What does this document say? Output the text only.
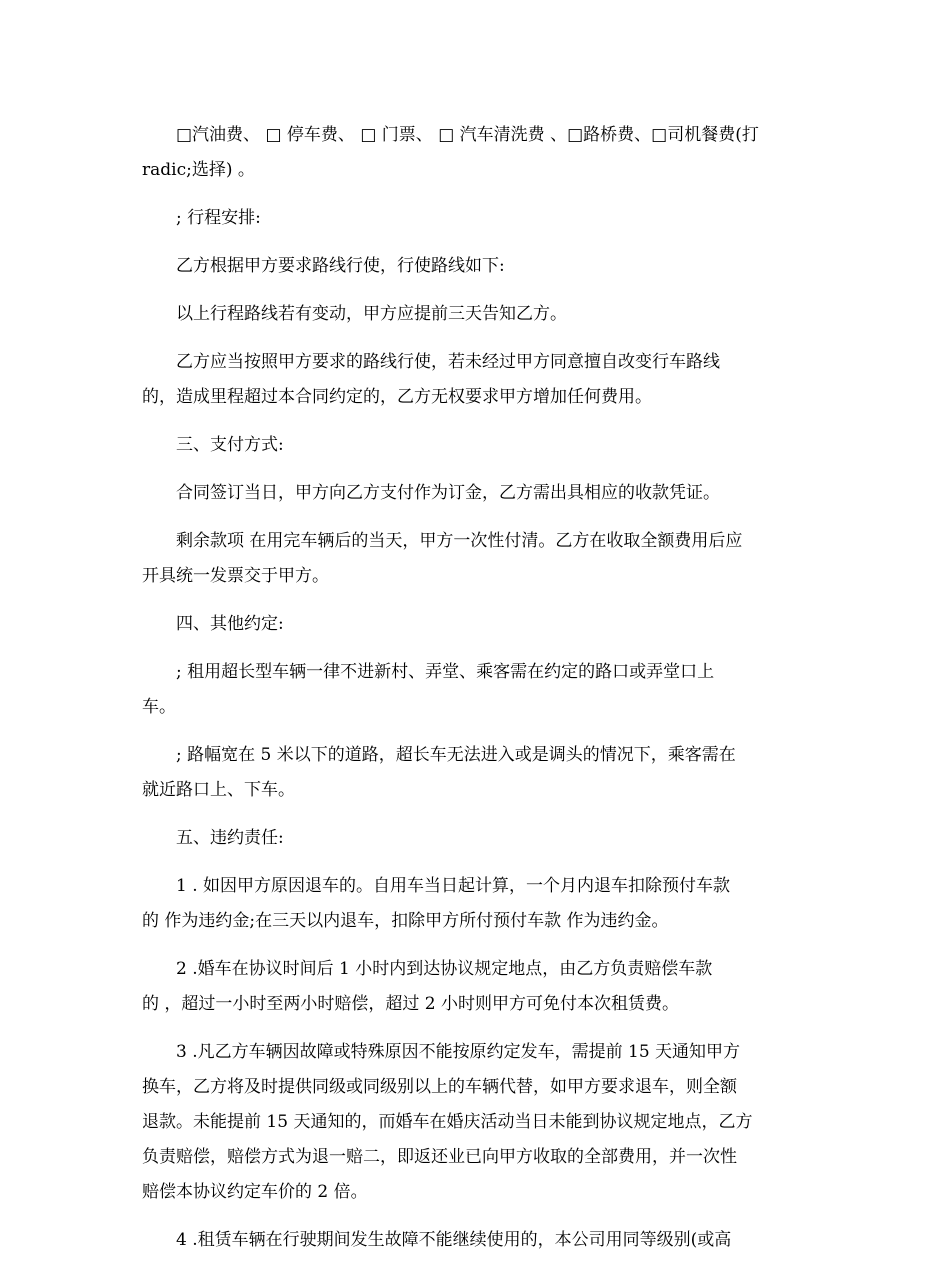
□汽油费、 □ 停车费、 □ 门票、 □ 汽车清洗费 、□路桥费、□司机餐费(打
radic;选择) 。

; 行程安排:

乙方根据甲方要求路线行使，行使路线如下:

以上行程路线若有变动，甲方应提前三天告知乙方。

乙方应当按照甲方要求的路线行使，若未经过甲方同意擅自改变行车路线
的，造成里程超过本合同约定的，乙方无权要求甲方增加任何费用。

三、支付方式:

合同签订当日，甲方向乙方支付作为订金，乙方需出具相应的收款凭证。

剩余款项 在用完车辆后的当天，甲方一次性付清。乙方在收取全额费用后应
开具统一发票交于甲方。

四、其他约定:

; 租用超长型车辆一律不进新村、弄堂、乘客需在约定的路口或弄堂口上
车。

; 路幅宽在 5 米以下的道路，超长车无法进入或是调头的情况下，乘客需在
就近路口上、下车。

五、违约责任:

1 . 如因甲方原因退车的。自用车当日起计算，一个月内退车扣除预付车款
的 作为违约金;在三天以内退车，扣除甲方所付预付车款 作为违约金。

2 .婚车在协议时间后 1 小时内到达协议规定地点，由乙方负责赔偿车款
的 ，超过一小时至两小时赔偿，超过 2 小时则甲方可免付本次租赁费。

3 .凡乙方车辆因故障或特殊原因不能按原约定发车，需提前 15 天通知甲方
换车，乙方将及时提供同级或同级别以上的车辆代替，如甲方要求退车，则全额
退款。未能提前 15 天通知的，而婚车在婚庆活动当日未能到协议规定地点，乙方
负责赔偿，赔偿方式为退一赔二，即返还业已向甲方收取的全部费用，并一次性
赔偿本协议约定车价的 2 倍。

4 .租赁车辆在行驶期间发生故障不能继续使用的，本公司用同等级别(或高
